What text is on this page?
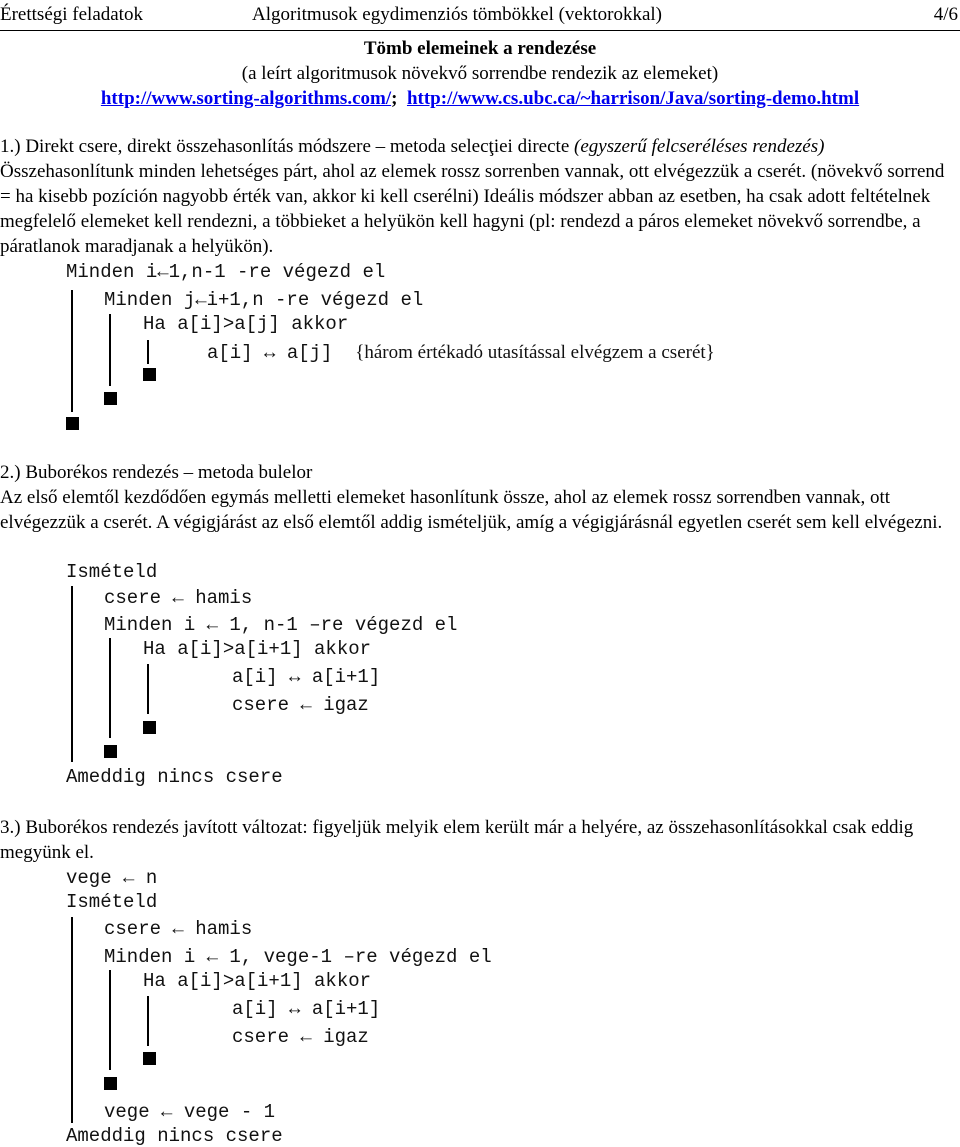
Érettségi feladatok	Algoritmusok egydimenziós tömbökkel (vektorokkal)	4/6
Tömb elemeinek a rendezése
(a leírt algoritmusok növekvő sorrendbe rendezik az elemeket)
http://www.sorting-algorithms.com/; http://www.cs.ubc.ca/~harrison/Java/sorting-demo.html
1.) Direkt csere, direkt összehasonlítás módszere – metoda selecţiei directe (egyszerű felcseréléses rendezés)
Összehasonlítunk minden lehetséges párt, ahol az elemek rossz sorrenben vannak, ott elvégezzük a cserét. (növekvő sorrend = ha kisebb pozíción nagyobb érték van, akkor ki kell cserélni) Ideális módszer abban az esetben, ha csak adott feltételnek megfelelő elemeket kell rendezni, a többieket a helyükön kell hagyni (pl: rendezd a páros elemeket növekvő sorrendbe, a páratlanok maradjanak a helyükön).
Minden i←1,n-1 -re végezd el
Minden j←i+1,n -re végezd el
Ha a[i]>a[j] akkor
a[i] ↔ a[j] {három értékadó utasítással elvégzem a cserét}
2.) Buborékos rendezés – metoda bulelor
Az első elemtől kezdődően egymás melletti elemeket hasonlítunk össze, ahol az elemek rossz sorrendben vannak, ott elvégezzük a cserét. A végigjárást az első elemtől addig ismételjük, amíg a végigjárásnál egyetlen cserét sem kell elvégezni.
Ismételd
csere ← hamis
Minden i ← 1, n-1 –re végezd el
Ha a[i]>a[i+1] akkor
a[i] ↔ a[i+1]
csere ← igaz
Ameddig nincs csere
3.) Buborékos rendezés javított változat: figyeljük melyik elem került már a helyére, az összehasonlításokkal csak eddig megyünk el.
vege ← n
Ismételd
csere ← hamis
Minden i ← 1, vege-1 –re végezd el
Ha a[i]>a[i+1] akkor
a[i] ↔ a[i+1]
csere ← igaz
vege ← vege - 1
Ameddig nincs csere
